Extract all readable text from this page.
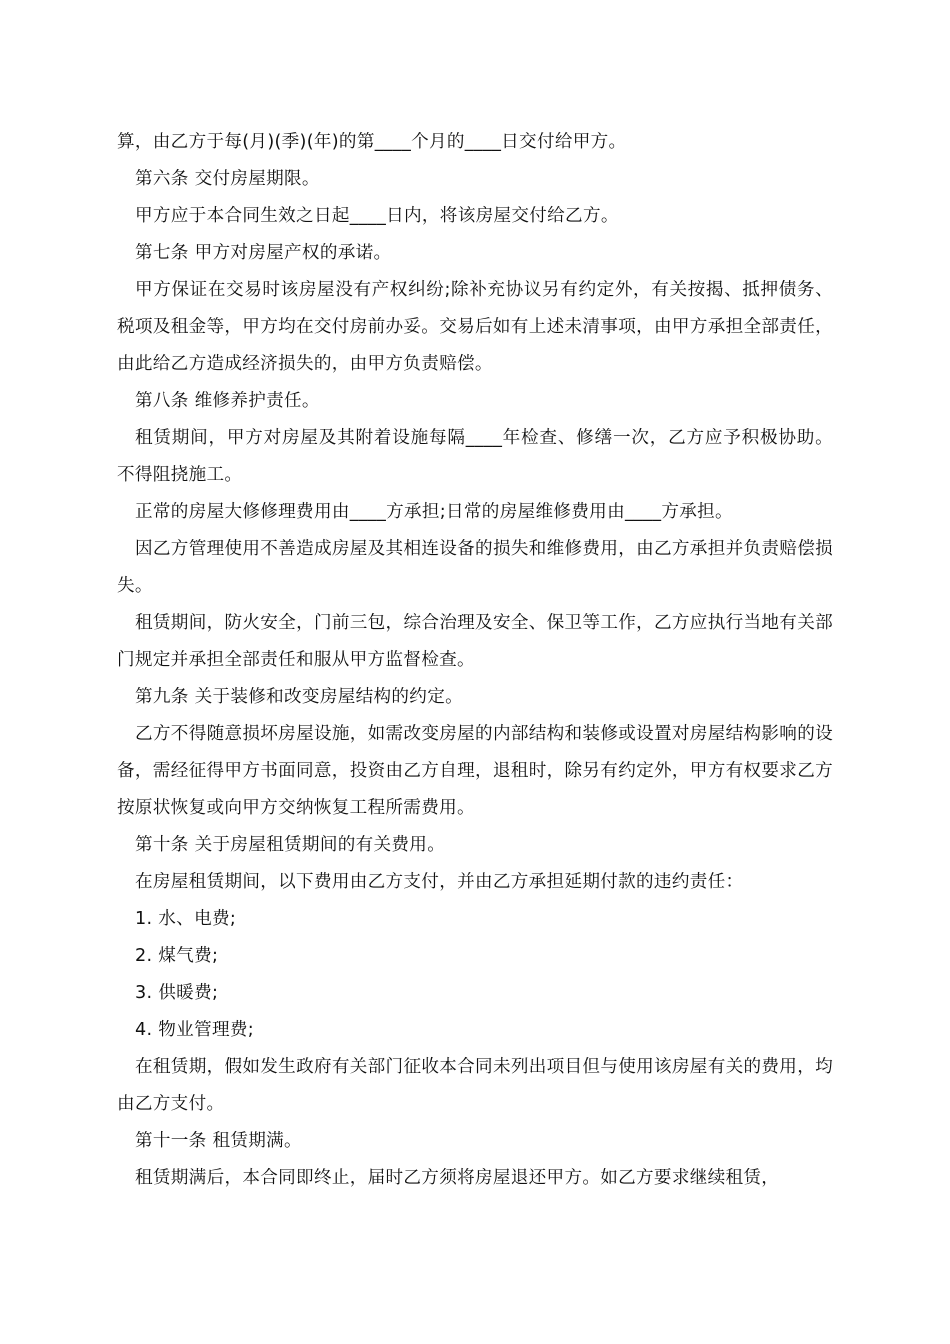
算，由乙方于每(月)(季)(年)的第____个月的____日交付给甲方。

第六条 交付房屋期限。

甲方应于本合同生效之日起____日内，将该房屋交付给乙方。

第七条 甲方对房屋产权的承诺。

甲方保证在交易时该房屋没有产权纠纷;除补充协议另有约定外，有关按揭、抵押债务、税项及租金等，甲方均在交付房前办妥。交易后如有上述未清事项，由甲方承担全部责任，由此给乙方造成经济损失的，由甲方负责赔偿。

第八条 维修养护责任。

租赁期间，甲方对房屋及其附着设施每隔____年检查、修缮一次，乙方应予积极协助。不得阻挠施工。

正常的房屋大修修理费用由____方承担;日常的房屋维修费用由____方承担。

因乙方管理使用不善造成房屋及其相连设备的损失和维修费用，由乙方承担并负责赔偿损失。

租赁期间，防火安全，门前三包，综合治理及安全、保卫等工作，乙方应执行当地有关部门规定并承担全部责任和服从甲方监督检查。

第九条 关于装修和改变房屋结构的约定。

乙方不得随意损坏房屋设施，如需改变房屋的内部结构和装修或设置对房屋结构影响的设备，需经征得甲方书面同意，投资由乙方自理，退租时，除另有约定外，甲方有权要求乙方按原状恢复或向甲方交纳恢复工程所需费用。

第十条 关于房屋租赁期间的有关费用。

在房屋租赁期间，以下费用由乙方支付，并由乙方承担延期付款的违约责任：

1. 水、电费;

2. 煤气费;

3. 供暖费;

4. 物业管理费;

在租赁期，假如发生政府有关部门征收本合同未列出项目但与使用该房屋有关的费用，均由乙方支付。

第十一条 租赁期满。

租赁期满后，本合同即终止，届时乙方须将房屋退还甲方。如乙方要求继续租赁，
